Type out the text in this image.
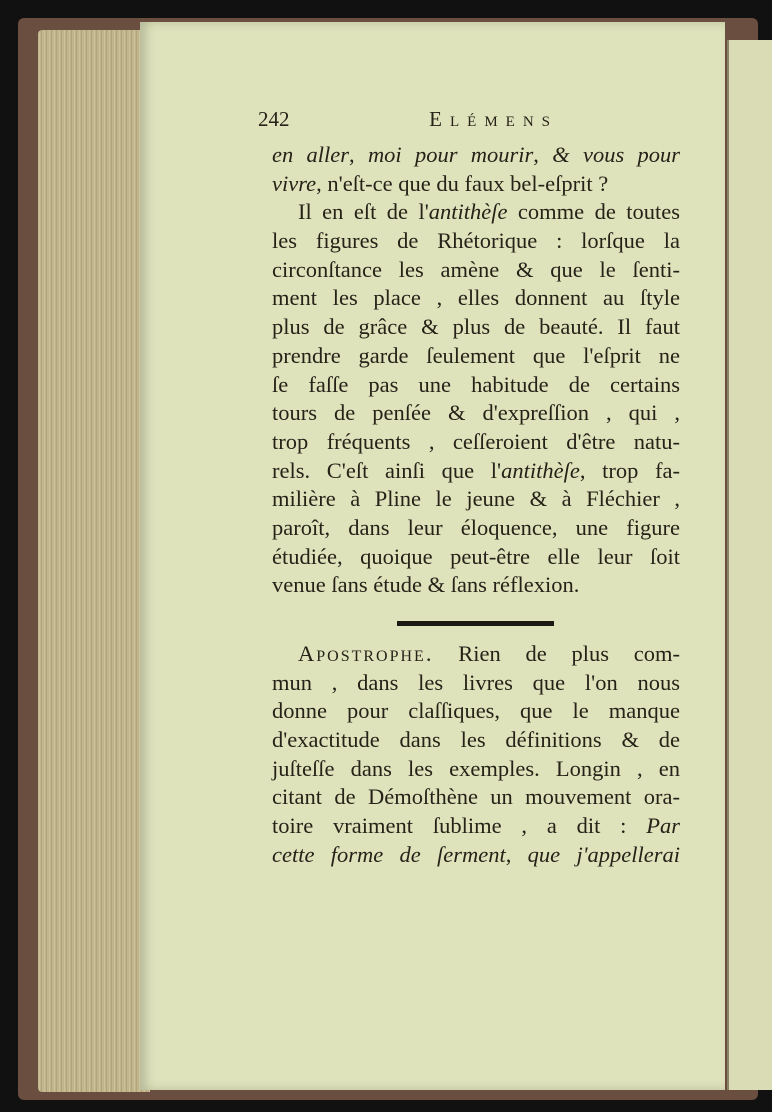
242	Elémens
en aller, moi pour mourir, & vous pour
vivre, n'eſt-ce que du faux bel-eſprit ?
Il en eſt de l'antithèſe comme de toutes
les figures de Rhétorique : lorſque la
circonſtance les amène & que le ſenti-
ment les place , elles donnent au ſtyle
plus de grâce & plus de beauté. Il faut
prendre garde ſeulement que l'eſprit ne
ſe faſſe pas une habitude de certains
tours de penſée & d'expreſſion , qui ,
trop fréquents , ceſſeroient d'être natu-
rels. C'eſt ainſi que l'antithèſe, trop fa-
milière à Pline le jeune & à Fléchier ,
paroît, dans leur éloquence, une figure
étudiée, quoique peut-être elle leur ſoit
venue ſans étude & ſans réflexion.
Apostrophe. Rien de plus com-
mun , dans les livres que l'on nous
donne pour claſſiques, que le manque
d'exactitude dans les définitions & de
juſteſſe dans les exemples. Longin , en
citant de Démoſthène un mouvement ora-
toire vraiment ſublime , a dit : Par
cette forme de ſerment, que j'appellerai
